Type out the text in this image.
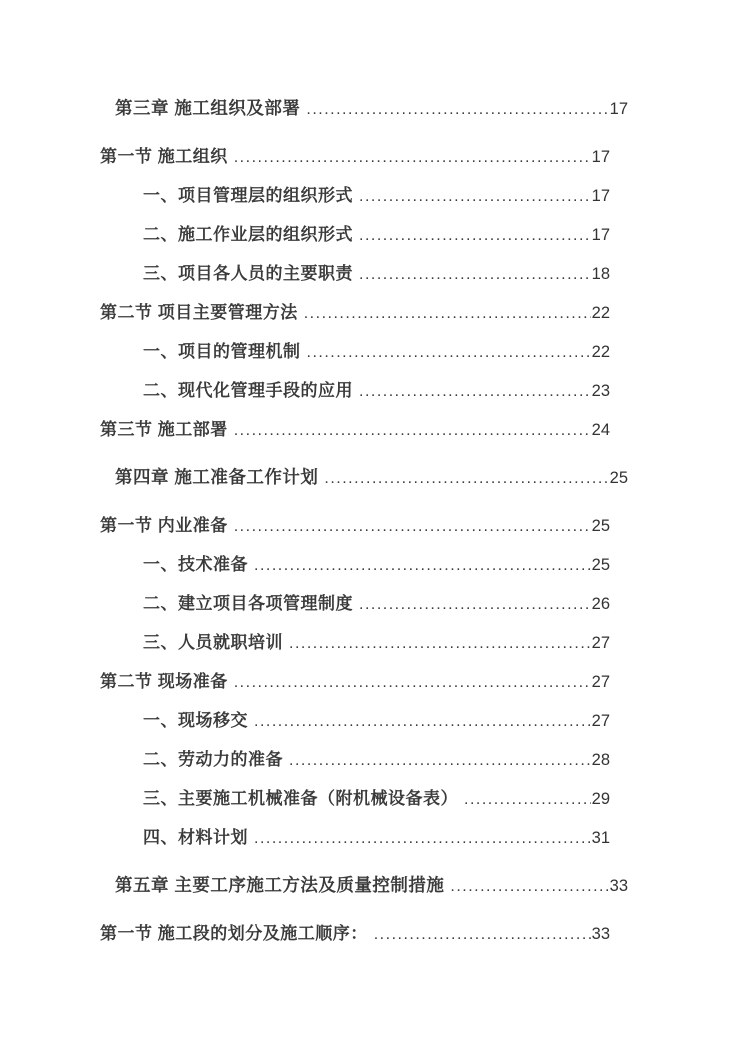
第三章 施工组织及部署 .....	17
第一节 施工组织 .....	17
一、项目管理层的组织形式 .....	17
二、施工作业层的组织形式 .....	17
三、项目各人员的主要职责 .....	18
第二节 项目主要管理方法 .....	22
一、项目的管理机制 .....	22
二、现代化管理手段的应用 .....	23
第三节 施工部署 .....	24
第四章 施工准备工作计划 .....	25
第一节 内业准备 .....	25
一、技术准备 .....	25
二、建立项目各项管理制度 .....	26
三、人员就职培训 .....	27
第二节 现场准备 .....	27
一、现场移交 .....	27
二、劳动力的准备 .....	28
三、主要施工机械准备（附机械设备表） .....	29
四、材料计划 .....	31
第五章 主要工序施工方法及质量控制措施 .....	33
第一节 施工段的划分及施工顺序： .....	33
